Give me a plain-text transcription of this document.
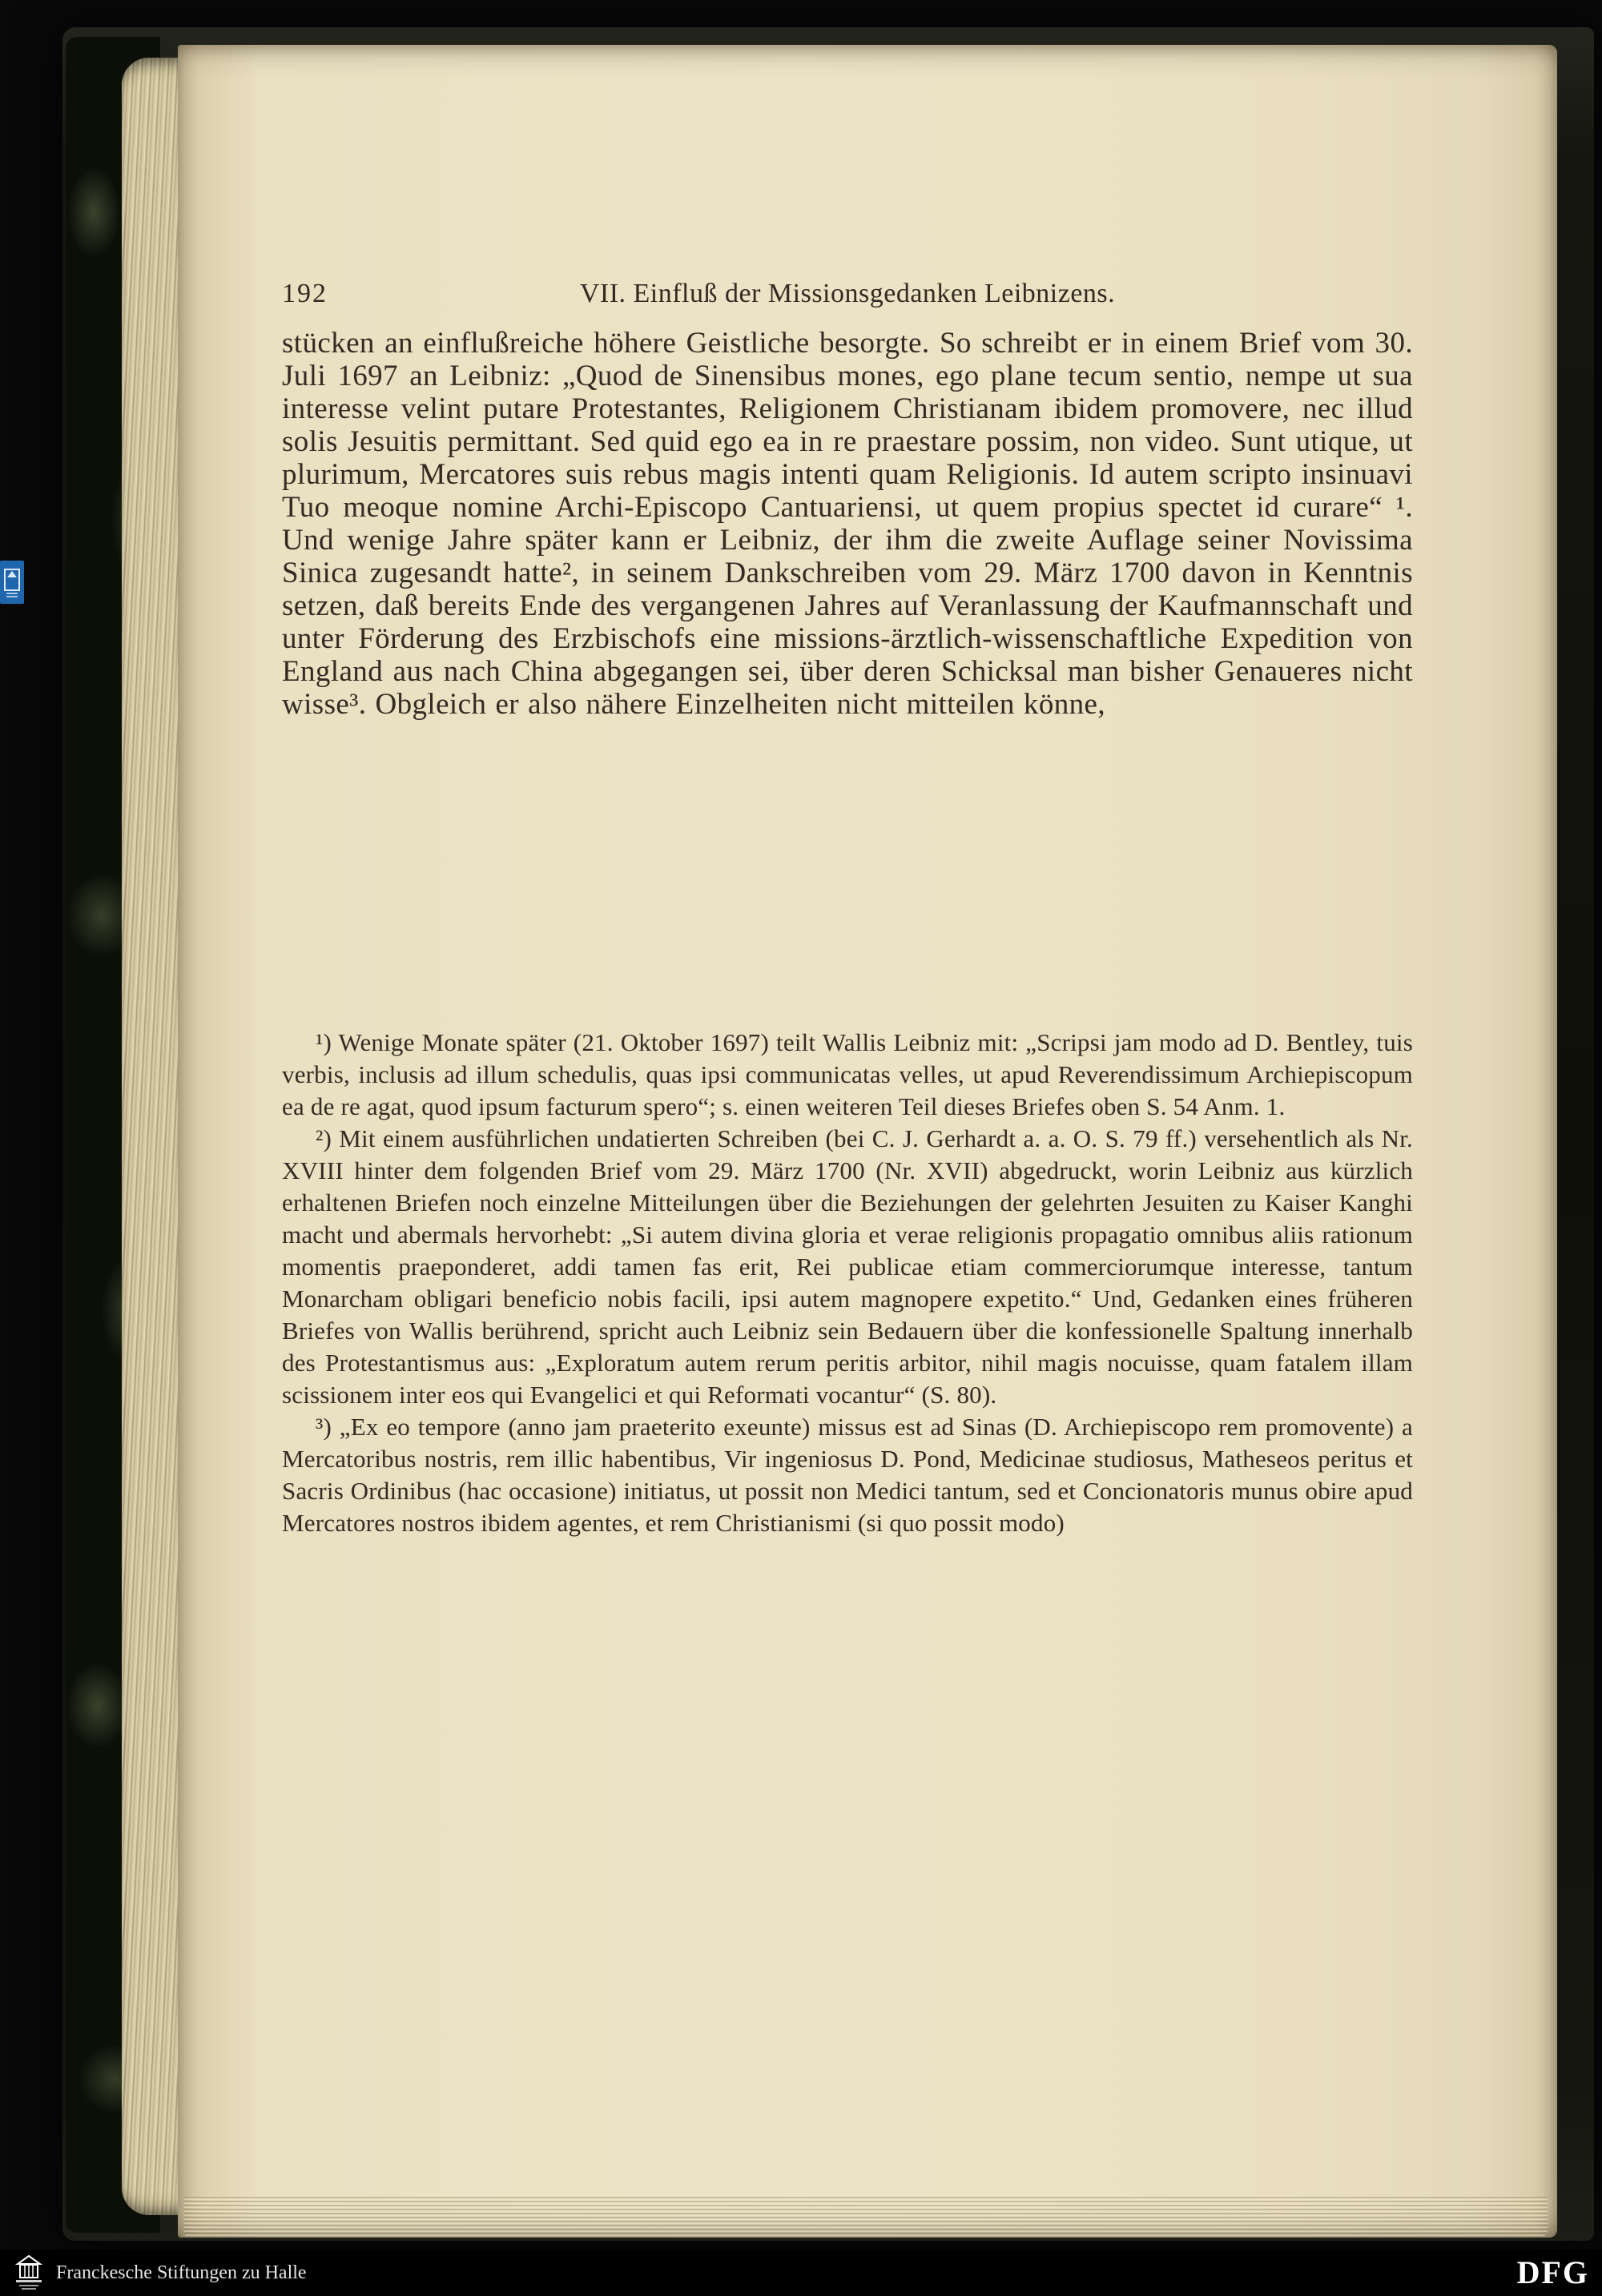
192	VII. Einfluß der Missionsgedanken Leibnizens.

stücken an einflußreiche höhere Geistliche besorgte. So schreibt er in einem Brief vom 30. Juli 1697 an Leibniz: „Quod de Sinensibus mones, ego plane tecum sentio, nempe ut sua interesse velint putare Protestantes, Religionem Christianam ibidem promovere, nec illud solis Jesuitis permittant. Sed quid ego ea in re praestare possim, non video. Sunt utique, ut plurimum, Mercatores suis rebus magis intenti quam Religionis. Id autem scripto insinuavi Tuo meoque nomine Archi-Episcopo Cantuariensi, ut quem propius spectet id curare“ ¹. Und wenige Jahre später kann er Leibniz, der ihm die zweite Auflage seiner Novissima Sinica zugesandt hatte², in seinem Dankschreiben vom 29. März 1700 davon in Kenntnis setzen, daß bereits Ende des vergangenen Jahres auf Veranlassung der Kaufmannschaft und unter Förderung des Erzbischofs eine missions-ärztlich-wissenschaftliche Expedition von England aus nach China abgegangen sei, über deren Schicksal man bisher Genaueres nicht wisse³. Obgleich er also nähere Einzelheiten nicht mitteilen könne,

¹) Wenige Monate später (21. Oktober 1697) teilt Wallis Leibniz mit: „Scripsi jam modo ad D. Bentley, tuis verbis, inclusis ad illum schedulis, quas ipsi communicatas velles, ut apud Reverendissimum Archiepiscopum ea de re agat, quod ipsum facturum spero“; s. einen weiteren Teil dieses Briefes oben S. 54 Anm. 1.

²) Mit einem ausführlichen undatierten Schreiben (bei C. J. Gerhardt a. a. O. S. 79 ff.) versehentlich als Nr. XVIII hinter dem folgenden Brief vom 29. März 1700 (Nr. XVII) abgedruckt, worin Leibniz aus kürzlich erhaltenen Briefen noch einzelne Mitteilungen über die Beziehungen der gelehrten Jesuiten zu Kaiser Kanghi macht und abermals hervorhebt: „Si autem divina gloria et verae religionis propagatio omnibus aliis rationum momentis praeponderet, addi tamen fas erit, Rei publicae etiam commerciorumque interesse, tantum Monarcham obligari beneficio nobis facili, ipsi autem magnopere expetito.“ Und, Gedanken eines früheren Briefes von Wallis berührend, spricht auch Leibniz sein Bedauern über die konfessionelle Spaltung innerhalb des Protestantismus aus: „Exploratum autem rerum peritis arbitor, nihil magis nocuisse, quam fatalem illam scissionem inter eos qui Evangelici et qui Reformati vocantur“ (S. 80).

³) „Ex eo tempore (anno jam praeterito exeunte) missus est ad Sinas (D. Archiepiscopo rem promovente) a Mercatoribus nostris, rem illic habentibus, Vir ingeniosus D. Pond, Medicinae studiosus, Matheseos peritus et Sacris Ordinibus (hac occasione) initiatus, ut possit non Medici tantum, sed et Concionatoris munus obire apud Mercatores nostros ibidem agentes, et rem Christianismi (si quo possit modo)

Franckesche Stiftungen zu Halle	DFG
